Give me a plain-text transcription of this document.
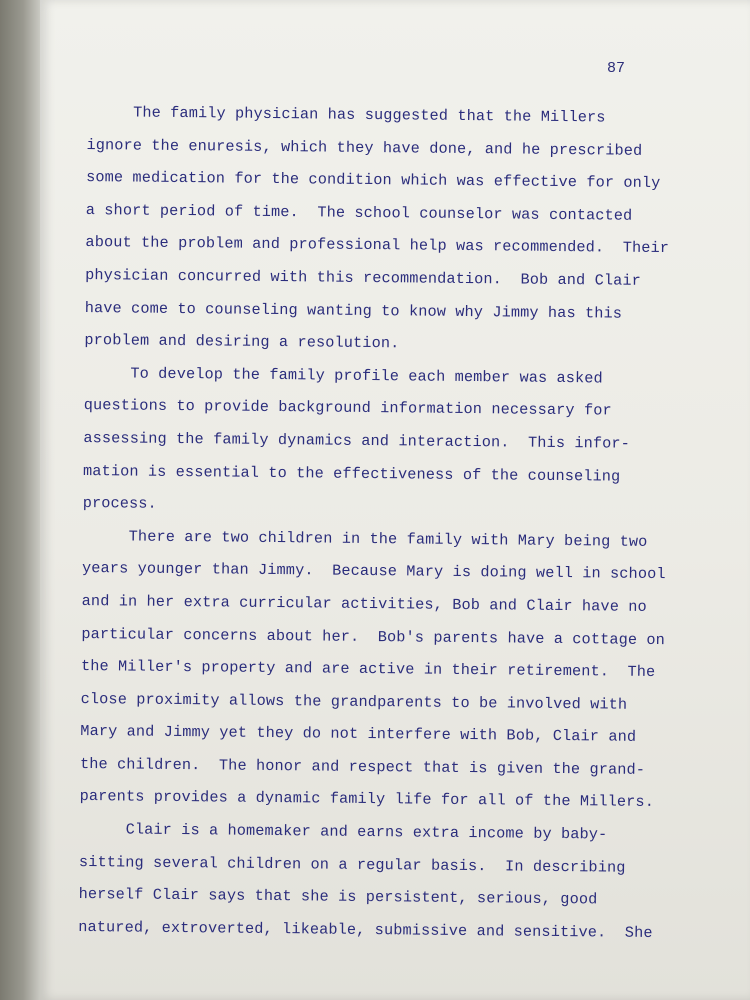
87
The family physician has suggested that the Millers
ignore the enuresis, which they have done, and he prescribed
some medication for the condition which was effective for only
a short period of time.  The school counselor was contacted
about the problem and professional help was recommended.  Their
physician concurred with this recommendation.  Bob and Clair
have come to counseling wanting to know why Jimmy has this
problem and desiring a resolution.
To develop the family profile each member was asked
questions to provide background information necessary for
assessing the family dynamics and interaction.  This infor-
mation is essential to the effectiveness of the counseling
process.
There are two children in the family with Mary being two
years younger than Jimmy.  Because Mary is doing well in school
and in her extra curricular activities, Bob and Clair have no
particular concerns about her.  Bob's parents have a cottage on
the Miller's property and are active in their retirement.  The
close proximity allows the grandparents to be involved with
Mary and Jimmy yet they do not interfere with Bob, Clair and
the children.  The honor and respect that is given the grand-
parents provides a dynamic family life for all of the Millers.
Clair is a homemaker and earns extra income by baby-
sitting several children on a regular basis.  In describing
herself Clair says that she is persistent, serious, good
natured, extroverted, likeable, submissive and sensitive.  She
